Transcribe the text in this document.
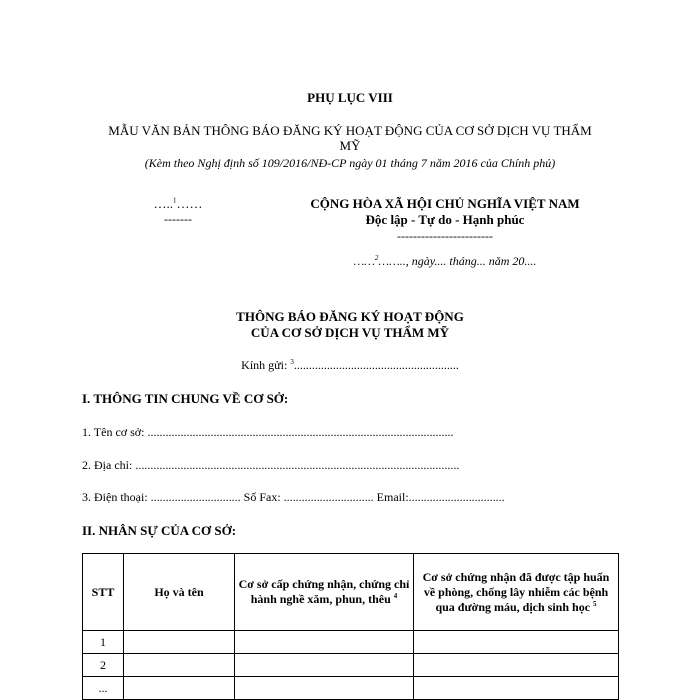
PHỤ LỤC VIII
MẪU VĂN BẢN THÔNG BÁO ĐĂNG KÝ HOẠT ĐỘNG CỦA CƠ SỞ DỊCH VỤ THẨM
MỸ
(Kèm theo Nghị định số 109/2016/NĐ-CP ngày 01 tháng 7 năm 2016 của Chính phủ)
…..$^1$……
-------
CỘNG HÒA XÃ HỘI CHỦ NGHĨA VIỆT NAM
Độc lập - Tự do - Hạnh phúc
------------------------
……$^2$…….., ngày.... tháng... năm 20....
THÔNG BÁO ĐĂNG KÝ HOẠT ĐỘNG
CỦA CƠ SỞ DỊCH VỤ THẨM MỸ
Kính gửi: $^3$.......................................................
I. THÔNG TIN CHUNG VỀ CƠ SỞ:
1. Tên cơ sở: ......................................................................................................
2. Địa chỉ: ............................................................................................................
3. Điện thoại: .............................. Số Fax: .............................. Email:................................
II. NHÂN SỰ CỦA CƠ SỞ:
STT	Họ và tên	Cơ sở cấp chứng nhận, chứng chỉ hành nghề xăm, phun, thêu $^4$	Cơ sở chứng nhận đã được tập huấn về phòng, chống lây nhiễm các bệnh qua đường máu, dịch sinh học $^5$
1			
2			
...			
